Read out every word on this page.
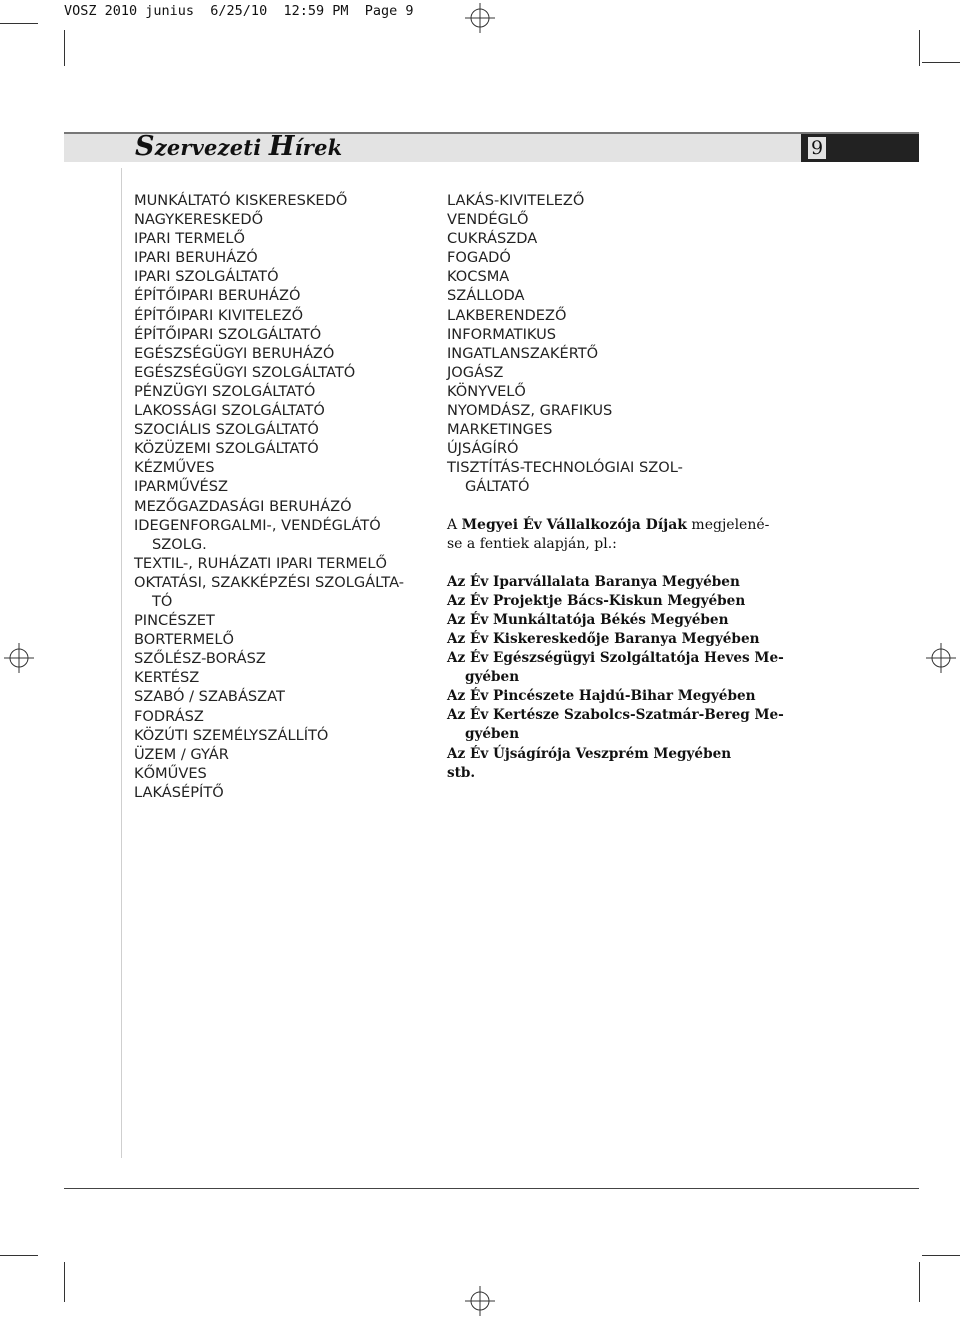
VOSZ 2010 junius  6/25/10  12:59 PM  Page 9
Szervezeti Hírek	9
MUNKÁLTATÓ KISKERESKEDŐ
NAGYKERESKEDŐ
IPARI TERMELŐ
IPARI BERUHÁZÓ
IPARI SZOLGÁLTATÓ
ÉPÍTŐIPARI BERUHÁZÓ
ÉPÍTŐIPARI KIVITELEZŐ
ÉPÍTŐIPARI SZOLGÁLTATÓ
EGÉSZSÉGÜGYI BERUHÁZÓ
EGÉSZSÉGÜGYI SZOLGÁLTATÓ
PÉNZÜGYI SZOLGÁLTATÓ
LAKOSSÁGI SZOLGÁLTATÓ
SZOCIÁLIS SZOLGÁLTATÓ
KÖZÜZEMI SZOLGÁLTATÓ
KÉZMŰVES
IPARMŰVÉSZ
MEZŐGAZDASÁGI BERUHÁZÓ
IDEGENFORGALMI-, VENDÉGLÁTÓ
SZOLG.
TEXTIL-, RUHÁZATI IPARI TERMELŐ
OKTATÁSI, SZAKKÉPZÉSI SZOLGÁLTA-
TÓ
PINCÉSZET
BORTERMELŐ
SZŐLÉSZ-BORÁSZ
KERTÉSZ
SZABÓ / SZABÁSZAT
FODRÁSZ
KÖZÚTI SZEMÉLYSZÁLLÍTÓ
ÜZEM / GYÁR
KŐMŰVES
LAKÁSÉPÍTŐ
LAKÁS-KIVITELEZŐ
VENDÉGLŐ
CUKRÁSZDA
FOGADÓ
KOCSMA
SZÁLLODA
LAKBERENDEZŐ
INFORMATIKUS
INGATLANSZAKÉRTŐ
JOGÁSZ
KÖNYVELŐ
NYOMDÁSZ, GRAFIKUS
MARKETINGES
ÚJSÁGÍRÓ
TISZTÍTÁS-TECHNOLÓGIAI SZOL-
GÁLTATÓ
A Megyei Év Vállalkozója Díjak megjelené-
se a fentiek alapján, pl.:
Az Év Iparvállalata Baranya Megyében
Az Év Projektje Bács-Kiskun Megyében
Az Év Munkáltatója Békés Megyében
Az Év Kiskereskedője Baranya Megyében
Az Év Egészségügyi Szolgáltatója Heves Me-
gyében
Az Év Pincészete Hajdú-Bihar Megyében
Az Év Kertésze Szabolcs-Szatmár-Bereg Me-
gyében
Az Év Újságírója Veszprém Megyében
stb.
